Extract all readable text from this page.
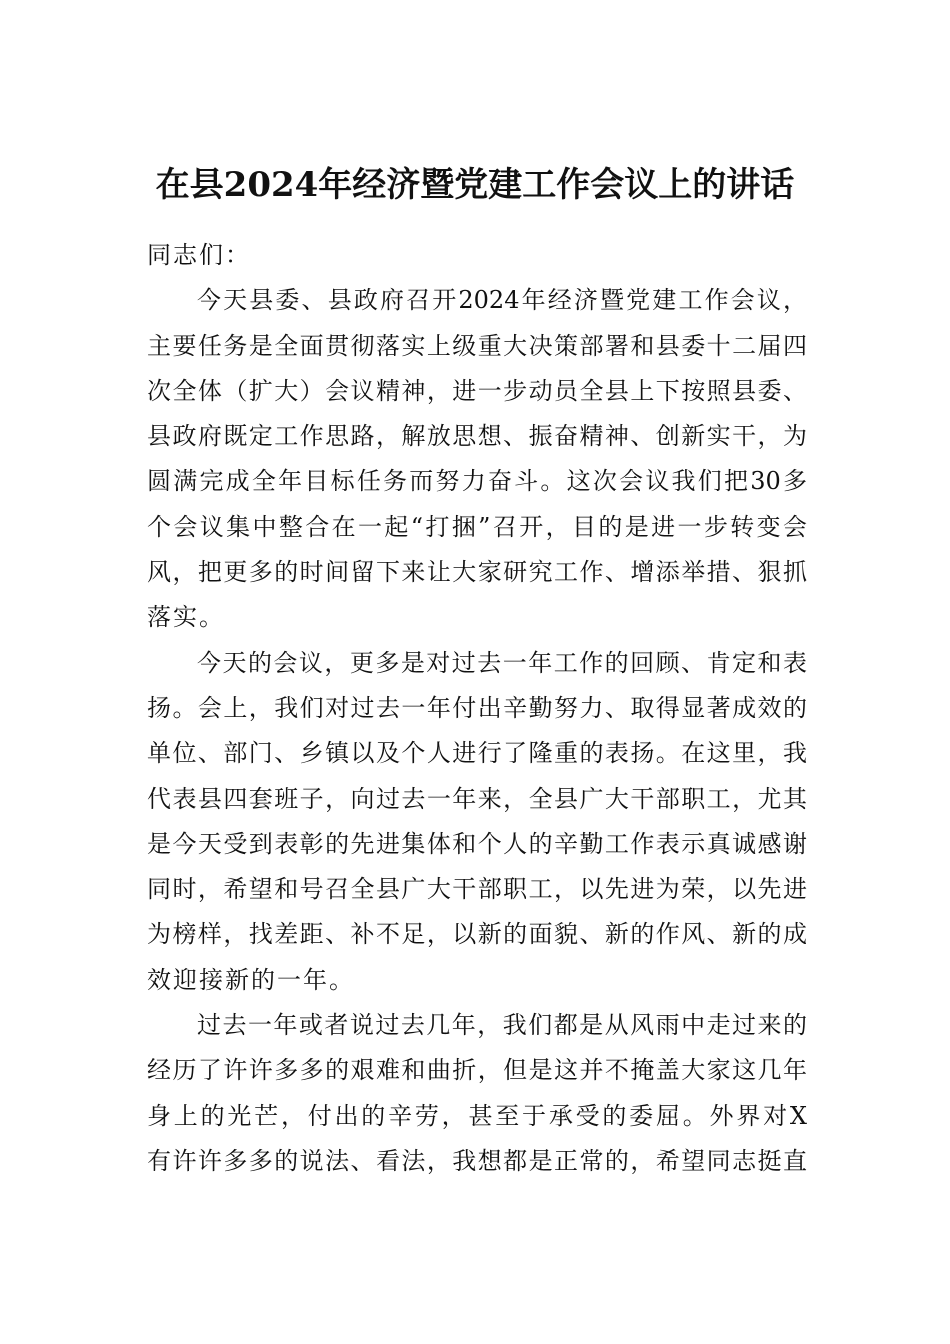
在县2024年经济暨党建工作会议上的讲话
同志们：
今天县委、县政府召开2024年经济暨党建工作会议，
主要任务是全面贯彻落实上级重大决策部署和县委十二届四
次全体（扩大）会议精神，进一步动员全县上下按照县委、
县政府既定工作思路，解放思想、振奋精神、创新实干，为
圆满完成全年目标任务而努力奋斗。这次会议我们把30多
个会议集中整合在一起“打捆”召开，目的是进一步转变会
风，把更多的时间留下来让大家研究工作、增添举措、狠抓
落实。
今天的会议，更多是对过去一年工作的回顾、肯定和表
扬。会上，我们对过去一年付出辛勤努力、取得显著成效的
单位、部门、乡镇以及个人进行了隆重的表扬。在这里，我
代表县四套班子，向过去一年来，全县广大干部职工，尤其
是今天受到表彰的先进集体和个人的辛勤工作表示真诚感谢
同时，希望和号召全县广大干部职工，以先进为荣，以先进
为榜样，找差距、补不足，以新的面貌、新的作风、新的成
效迎接新的一年。
过去一年或者说过去几年，我们都是从风雨中走过来的
经历了许许多多的艰难和曲折，但是这并不掩盖大家这几年
身上的光芒，付出的辛劳，甚至于承受的委屈。外界对X
有许许多多的说法、看法，我想都是正常的，希望同志挺直
